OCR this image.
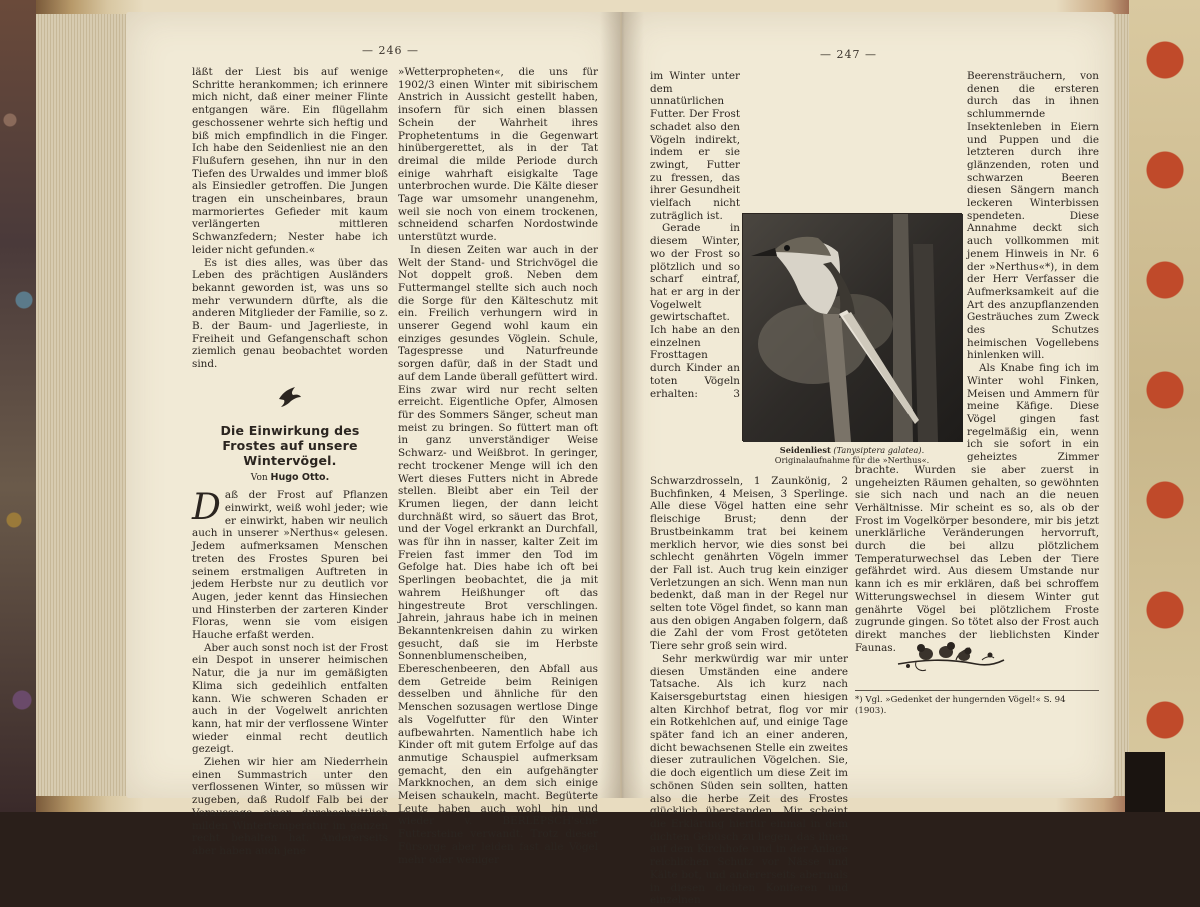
— 246 —

läßt der Liest bis auf wenige Schritte herankommen; ich erinnere mich nicht, daß einer meiner Flinte entgangen wäre. Ein flügellahm geschossener wehrte sich heftig und biß mich empfindlich in die Finger. Ich habe den Seidenliest nie an den Flußufern gesehen, ihn nur in den Tiefen des Urwaldes und immer bloß als Einsiedler getroffen. Die Jungen tragen ein unscheinbares, braun marmoriertes Gefieder mit kaum verlängerten mittleren Schwanzfedern; Nester habe ich leider nicht gefunden.«

Es ist dies alles, was über das Leben des prächtigen Ausländers bekannt geworden ist, was uns so mehr verwundern dürfte, als die anderen Mitglieder der Familie, so z. B. der Baum- und Jagerlieste, in Freiheit und Gefangenschaft schon ziemlich genau beobachtet worden sind.

Die Einwirkung des Frostes auf unsere Wintervögel.
Von Hugo Otto.

Daß der Frost auf Pflanzen einwirkt, weiß wohl jeder; wie er einwirkt, haben wir neulich auch in unserer »Nerthus« gelesen. Jedem aufmerksamen Menschen treten des Frostes Spuren bei seinem erstmaligen Auftreten in jedem Herbste nur zu deutlich vor Augen, jeder kennt das Hinsiechen und Hinsterben der zarteren Kinder Floras, wenn sie vom eisigen Hauche erfaßt werden.

Aber auch sonst noch ist der Frost ein Despot in unserer heimischen Natur, die ja nur im gemäßigten Klima sich gedeihlich entfalten kann. Wie schweren Schaden er auch in der Vogelwelt anrichten kann, hat mir der verflossene Winter wieder einmal recht deutlich gezeigt.

Ziehen wir hier am Niederrhein einen Summastrich unter den verflossenen Winter, so müssen wir zugeben, daß Rudolf Falb bei der Voraussage einer durchschnittlich milden Wintertemperatur im ganzen recht behalten hat. Andererseits aber haben auch jene

»Wetterpropheten«, die uns für 1902/3 einen Winter mit sibirischem Anstrich in Aussicht gestellt haben, insofern für sich einen blassen Schein der Wahrheit ihres Prophetentums in die Gegenwart hinübergerettet, als in der Tat dreimal die milde Periode durch einige wahrhaft eisigkalte Tage unterbrochen wurde. Die Kälte dieser Tage war umsomehr unangenehm, weil sie noch von einem trockenen, schneidend scharfen Nordostwinde unterstützt wurde.

In diesen Zeiten war auch in der Welt der Stand- und Strichvögel die Not doppelt groß. Neben dem Futtermangel stellte sich auch noch die Sorge für den Kälteschutz mit ein. Freilich verhungern wird in unserer Gegend wohl kaum ein einziges gesundes Vöglein. Schule, Tagespresse und Naturfreunde sorgen dafür, daß in der Stadt und auf dem Lande überall gefüttert wird. Eins zwar wird nur recht selten erreicht. Eigentliche Opfer, Almosen für des Sommers Sänger, scheut man meist zu bringen. So füttert man oft in ganz unverständiger Weise Schwarz- und Weißbrot. In geringer, recht trockener Menge will ich den Wert dieses Futters nicht in Abrede stellen. Bleibt aber ein Teil der Krumen liegen, der dann leicht durchnäßt wird, so säuert das Brot, und der Vogel erkrankt an Durchfall, was für ihn in nasser, kalter Zeit im Freien fast immer den Tod im Gefolge hat. Dies habe ich oft bei Sperlingen beobachtet, die ja mit wahrem Heißhunger oft das hingestreute Brot verschlingen. Jahrein, jahraus habe ich in meinen Bekanntenkreisen dahin zu wirken gesucht, daß sie im Herbste Sonnenblumenscheiben, Ebereschenbeeren, den Abfall aus dem Getreide beim Reinigen desselben und ähnliche für den Menschen sozusagen wertlose Dinge als Vogelfutter für den Winter aufbewahrten. Namentlich habe ich Kinder oft mit gutem Erfolge auf das anmutige Schauspiel aufmerksam gemacht, den ein aufgehängter Markknochen, an dem sich einige Meisen schaukeln, macht. Begüterte Leute haben auch wohl hin und wieder v. BERLEPSCH'sche Futtersteine verwandt. Trotz dieser Fürsorge aber leiden fast alle Vögel mehr oder weniger

— 247 —
Seidenliest (Tanysiptera galatea).
Originalaufnahme für die »Nerthus«.

im Winter unter dem unnatürlichen Futter. Der Frost schadet also den Vögeln indirekt, indem er sie zwingt, Futter zu fressen, das ihrer Gesundheit vielfach nicht zuträglich ist.

Gerade in diesem Winter, wo der Frost so plötzlich und so scharf eintraf, hat er arg in der Vogelwelt gewirtschaftet. Ich habe an den einzelnen Frosttagen durch Kinder an toten Vögeln erhalten: 3 Schwarzdrosseln, 1 Zaunkönig, 2 Buchfinken, 4 Meisen, 3 Sperlinge. Alle diese Vögel hatten eine sehr fleischige Brust; denn der Brustbeinkamm trat bei keinem merklich hervor, wie dies sonst bei schlecht genährten Vögeln immer der Fall ist. Auch trug kein einziger Verletzungen an sich. Wenn man nun bedenkt, daß man in der Regel nur selten tote Vögel findet, so kann man aus den obigen Angaben folgern, daß die Zahl der vom Frost getöteten Tiere sehr groß sein wird.

Sehr merkwürdig war mir unter diesen Umständen eine andere Tatsache. Als ich kurz nach Kaisersgeburtstag einen hiesigen alten Kirchhof betrat, flog vor mir ein Rotkehlchen auf, und einige Tage später fand ich an einer anderen, dicht bewachsenen Stelle ein zweites dieser zutraulichen Vögelchen. Sie, die doch eigentlich um diese Zeit im schönen Süden sein sollten, hatten also die herbe Zeit des Frostes glücklich überstanden. Mir scheint die Erklärung hierfür einmal in dem dichten Gebüsch zu liegen, das ihnen auf dem Kirchhofe und in der Anlage reichlichen Schutz vor Nässe und Kälte bot, und andererseits abermals in diesen dichten Koniferen und einzelnen

Beerensträuchern, von denen die ersteren durch das in ihnen schlummernde Insektenleben in Eiern und Puppen und die letzteren durch ihre glänzenden, roten und schwarzen Beeren diesen Sängern manch leckeren Winterbissen spendeten. Diese Annahme deckt sich auch vollkommen mit jenem Hinweis in Nr. 6 der »Nerthus«*), in dem der Herr Verfasser die Aufmerksamkeit auf die Art des anzupflanzenden Gesträuches zum Zweck des Schutzes heimischen Vogellebens hinlenken will.

Als Knabe fing ich im Winter wohl Finken, Meisen und Ammern für meine Käfige. Diese Vögel gingen fast regelmäßig ein, wenn ich sie sofort in ein geheiztes Zimmer brachte. Wurden sie aber zuerst in ungeheizten Räumen gehalten, so gewöhnten sie sich nach und nach an die neuen Verhältnisse. Mir scheint es so, als ob der Frost im Vogelkörper besondere, mir bis jetzt unerklärliche Veränderungen hervorruft, durch die bei allzu plötzlichem Temperaturwechsel das Leben der Tiere gefährdet wird. Aus diesem Umstande nur kann ich es mir erklären, daß bei schroffem Witterungswechsel in diesem Winter gut genährte Vögel bei plötzlichem Froste zugrunde gingen. So tötet also der Frost auch direkt manches der lieblichsten Kinder Faunas.

*) Vgl. »Gedenket der hungernden Vögel!« S. 94 (1903).
